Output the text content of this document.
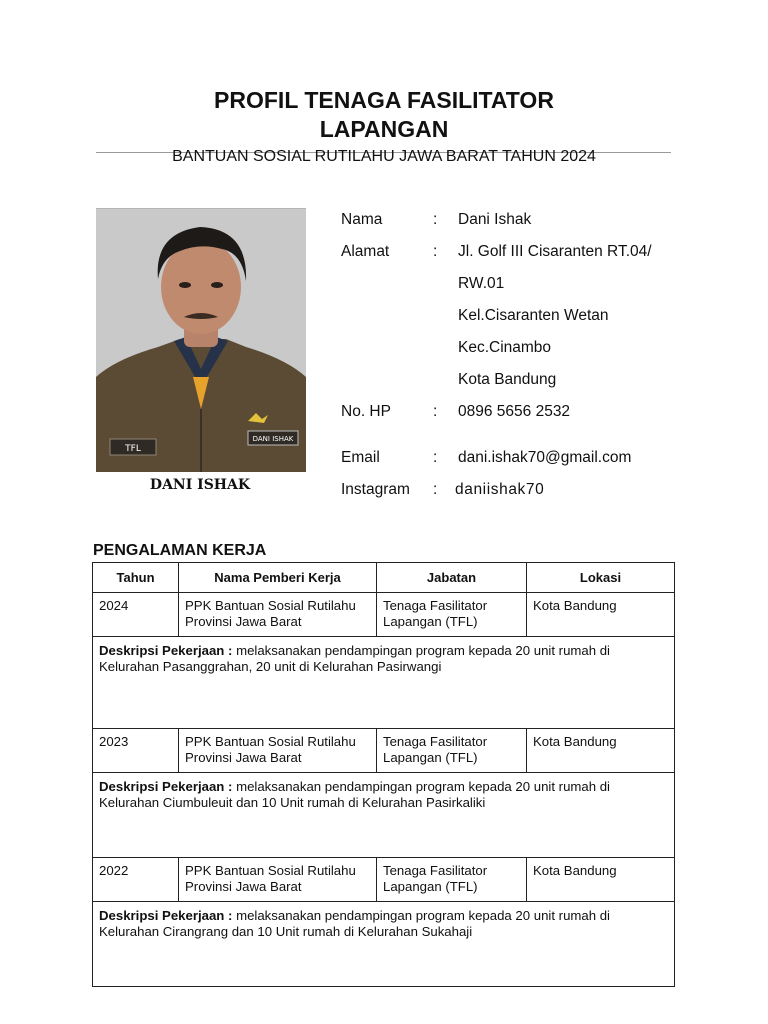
PROFIL TENAGA FASILITATOR
LAPANGAN
BANTUAN SOSIAL RUTILAHU JAWA BARAT TAHUN 2024
TFL
DANI ISHAK
DANI ISHAK
Nama	: Dani Ishak
Alamat	: Jl. Golf III Cisaranten RT.04/
RW.01
Kel.Cisaranten Wetan
Kec.Cinambo
Kota Bandung
No. HP	: 0896 5656 2532
Email	: dani.ishak70@gmail.com
Instagram : daniishak70
PENGALAMAN KERJA
Tahun	Nama Pemberi Kerja	Jabatan	Lokasi

2024	PPK Bantuan Sosial Rutilahu Provinsi Jawa Barat	Tenaga Fasilitator Lapangan (TFL)	Kota Bandung

Deskripsi Pekerjaan : melaksanakan pendampingan program kepada 20 unit rumah di Kelurahan Pasanggrahan, 20 unit di Kelurahan Pasirwangi			

2023	PPK Bantuan Sosial Rutilahu Provinsi Jawa Barat	Tenaga Fasilitator Lapangan (TFL)	Kota Bandung

Deskripsi Pekerjaan : melaksanakan pendampingan program kepada 20 unit rumah di Kelurahan Ciumbuleuit dan 10 Unit rumah di Kelurahan Pasirkaliki			

2022	PPK Bantuan Sosial Rutilahu Provinsi Jawa Barat	Tenaga Fasilitator Lapangan (TFL)	Kota Bandung

Deskripsi Pekerjaan : melaksanakan pendampingan program kepada 20 unit rumah di Kelurahan Cirangrang dan 10 Unit rumah di Kelurahan Sukahaji			
